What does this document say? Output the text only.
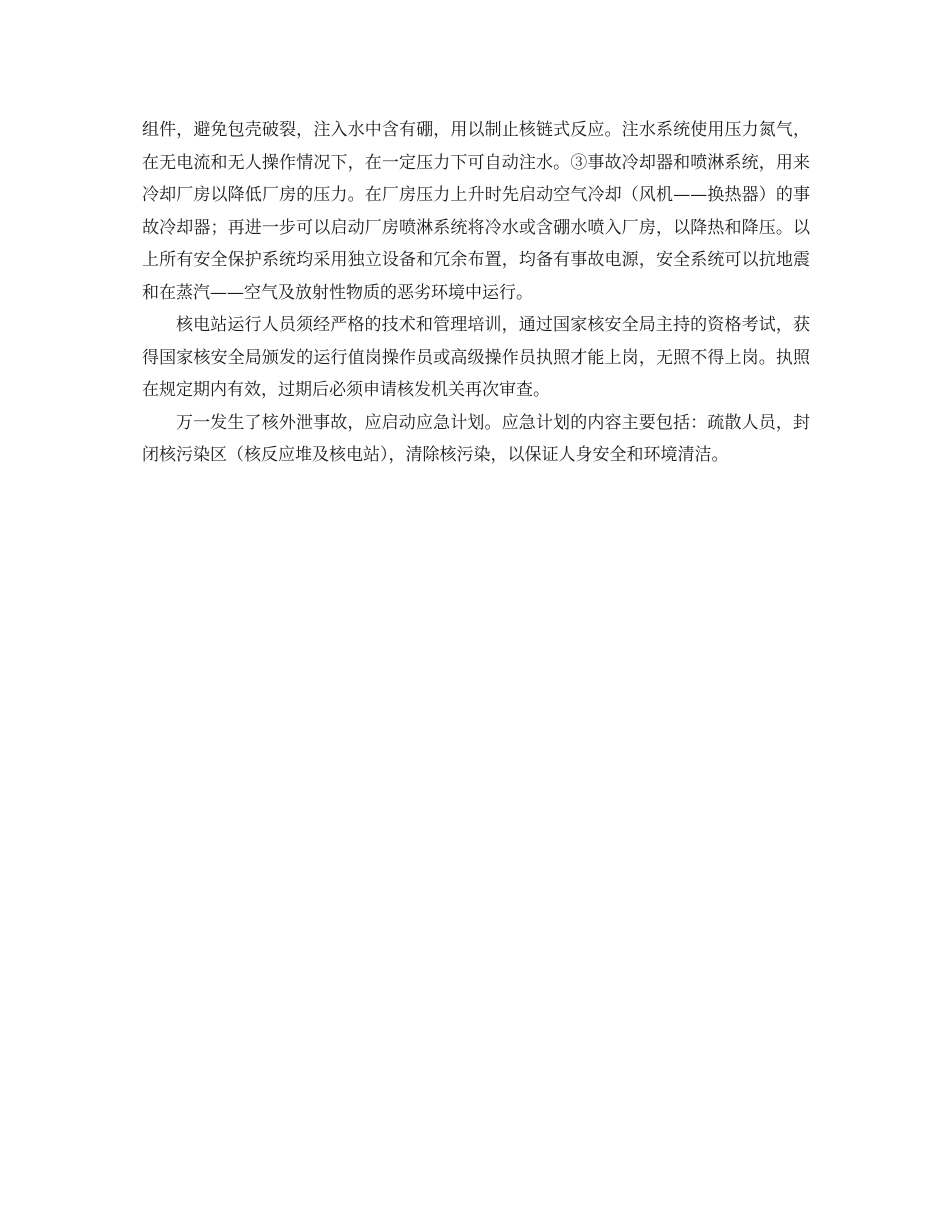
组件，避免包壳破裂，注入水中含有硼，用以制止核链式反应。注水系统使用压力氮气，在无电流和无人操作情况下，在一定压力下可自动注水。③事故冷却器和喷淋系统，用来冷却厂房以降低厂房的压力。在厂房压力上升时先启动空气冷却（风机——换热器）的事故冷却器；再进一步可以启动厂房喷淋系统将冷水或含硼水喷入厂房，以降热和降压。以上所有安全保护系统均采用独立设备和冗余布置，均备有事故电源，安全系统可以抗地震和在蒸汽——空气及放射性物质的恶劣环境中运行。

核电站运行人员须经严格的技术和管理培训，通过国家核安全局主持的资格考试，获得国家核安全局颁发的运行值岗操作员或高级操作员执照才能上岗，无照不得上岗。执照在规定期内有效，过期后必须申请核发机关再次审查。

万一发生了核外泄事故，应启动应急计划。应急计划的内容主要包括：疏散人员，封闭核污染区（核反应堆及核电站），清除核污染，以保证人身安全和环境清洁。
